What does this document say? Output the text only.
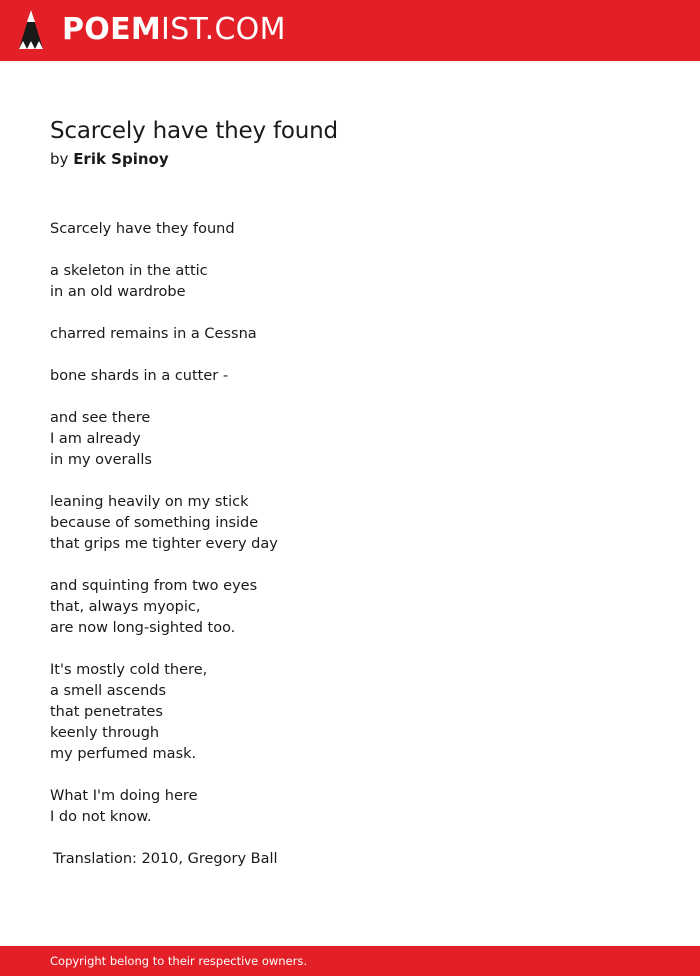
POEMIST.COM
Scarcely have they found
by Erik Spinoy
Scarcely have they found
a skeleton in the attic
in an old wardrobe
charred remains in a Cessna
bone shards in a cutter -
and see there
I am already
in my overalls
leaning heavily on my stick
because of something inside
that grips me tighter every day
and squinting from two eyes
that, always myopic,
are now long-sighted too.
It's mostly cold there,
a smell ascends
that penetrates
keenly through
my perfumed mask.
What I'm doing here
I do not know.
Translation: 2010, Gregory Ball
Copyright belong to their respective owners.
